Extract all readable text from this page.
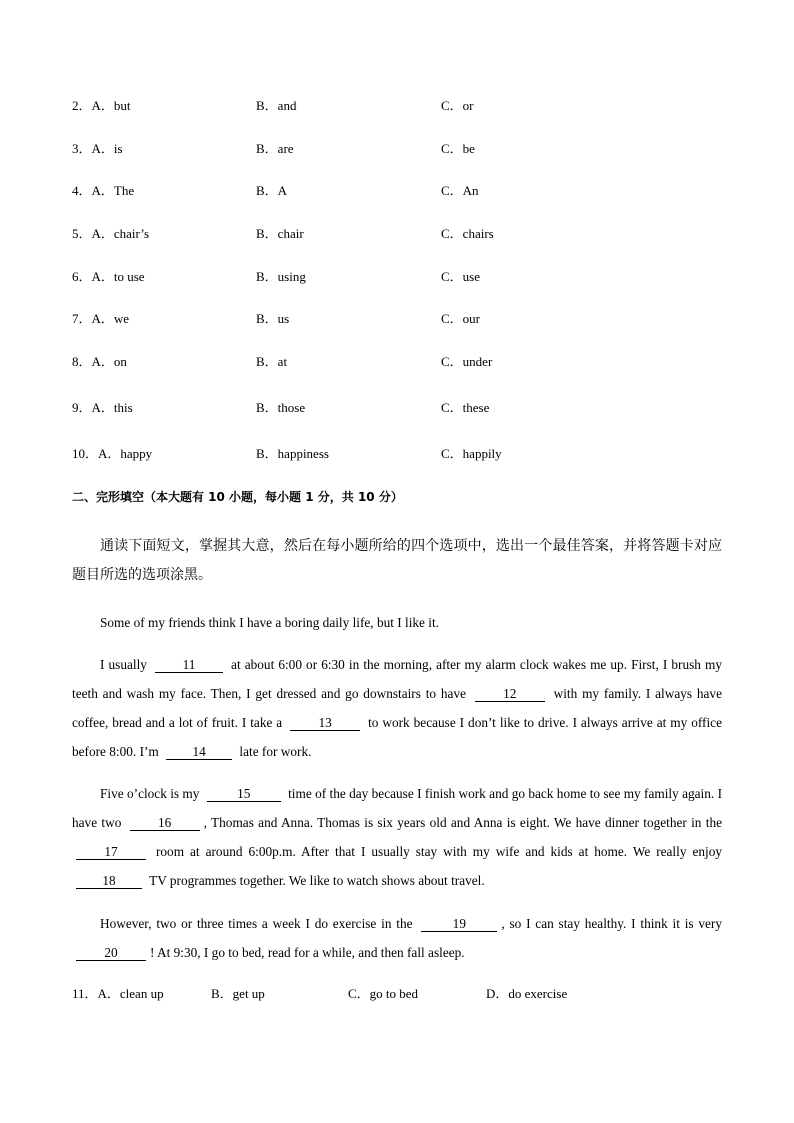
2．A．but	B．and	C．or
3．A．is	B．are	C．be
4．A．The	B．A	C．An
5．A．chair’s	B．chair	C．chairs
6．A．to use	B．using	C．use
7．A．we	B．us	C．our
8．A．on	B．at	C．under
9．A．this	B．those	C．these
10．A．happy	B．happiness	C．happily
二、完形填空（本大题有 10 小题，每小题 1 分，共 10 分）
通读下面短文，掌握其大意，然后在每小题所给的四个选项中，选出一个最佳答案，并将答题卡对应题目所选的选项涂黑。
Some of my friends think I have a boring daily life, but I like it.
I usually 11 at about 6:00 or 6:30 in the morning, after my alarm clock wakes me up. First, I brush my teeth and wash my face. Then, I get dressed and go downstairs to have 12 with my family. I always have coffee, bread and a lot of fruit. I take a 13 to work because I don’t like to drive. I always arrive at my office before 8:00. I’m 14 late for work.
Five o’clock is my	15	time of the day because I finish work and go back home to see my family again. I have two 16 , Thomas and Anna. Thomas is six years old and Anna is eight. We have dinner together in the 17 room at around 6:00p.m. After that I usually stay with my wife and kids at home. We really enjoy 18 TV programmes together. We like to watch shows about travel.
However, two or three times a week I do exercise in the	19	, so I can stay healthy. I think it is very 20 ! At 9:30, I go to bed, read for a while, and then fall asleep.
11．A．clean up	B．get up	C．go to bed	D．do exercise
